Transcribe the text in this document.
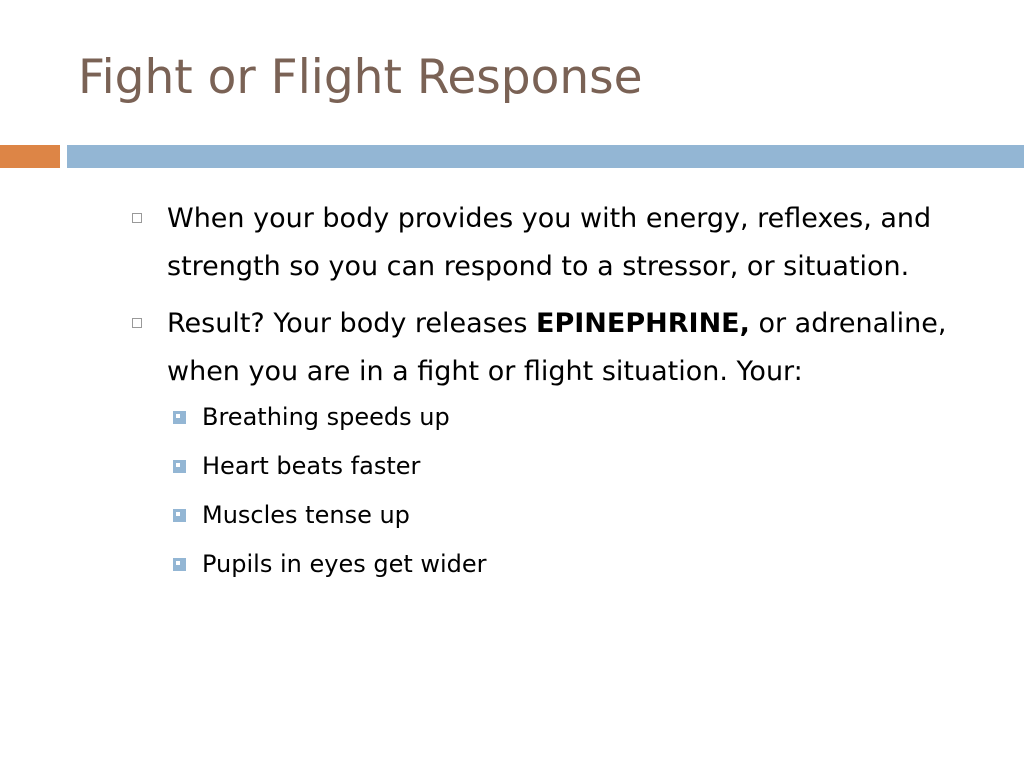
Fight or Flight Response
When your body provides you with energy, reflexes, and strength so you can respond to a stressor, or situation.
Result? Your body releases EPINEPHRINE, or adrenaline, when you are in a fight or flight situation. Your:
Breathing speeds up
Heart beats faster
Muscles tense up
Pupils in eyes get wider
